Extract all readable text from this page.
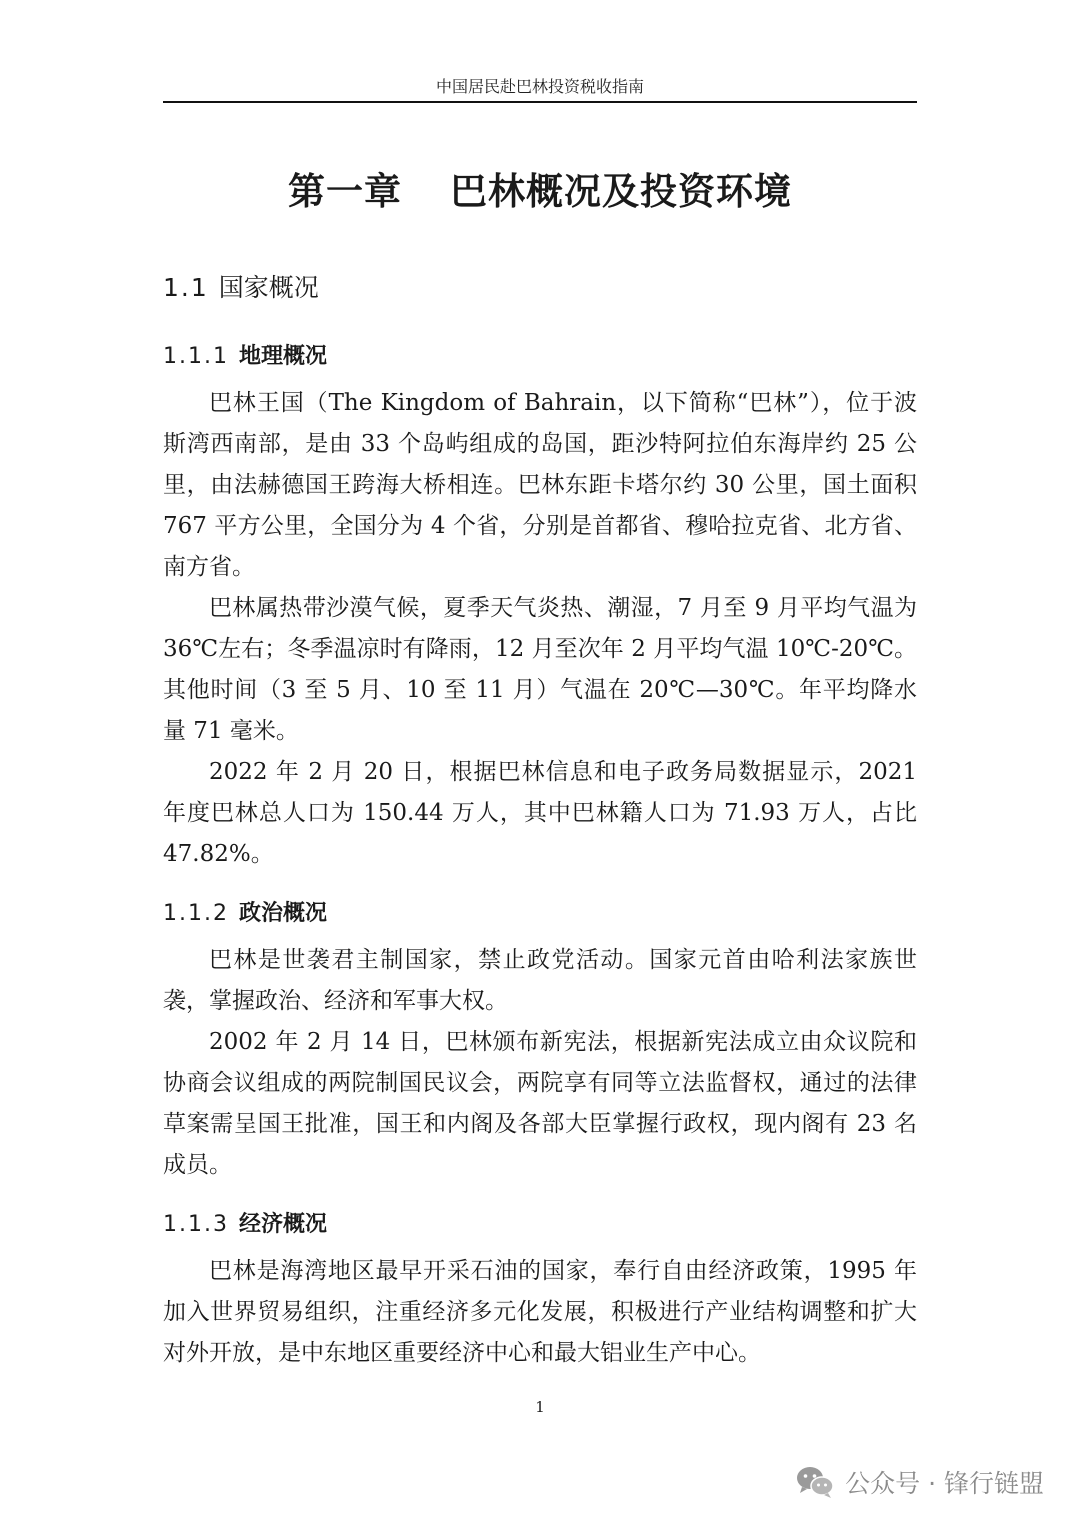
中国居民赴巴林投资税收指南
第一章 巴林概况及投资环境
1.1 国家概况
1.1.1 地理概况

巴林王国（The Kingdom of Bahrain，以下简称“巴林”），位于波斯湾西南部，是由 33 个岛屿组成的岛国，距沙特阿拉伯东海岸约 25 公里，由法赫德国王跨海大桥相连。巴林东距卡塔尔约 30 公里，国土面积 767 平方公里，全国分为 4 个省，分别是首都省、穆哈拉克省、北方省、南方省。

巴林属热带沙漠气候，夏季天气炎热、潮湿，7 月至 9 月平均气温为 36℃左右；冬季温凉时有降雨，12 月至次年 2 月平均气温 10℃-20℃。其他时间（3 至 5 月、10 至 11 月）气温在 20℃—30℃。年平均降水量 71 毫米。

2022 年 2 月 20 日，根据巴林信息和电子政务局数据显示，2021 年度巴林总人口为 150.44 万人，其中巴林籍人口为 71.93 万人，占比 47.82%。

1.1.2 政治概况

巴林是世袭君主制国家，禁止政党活动。国家元首由哈利法家族世袭，掌握政治、经济和军事大权。

2002 年 2 月 14 日，巴林颁布新宪法，根据新宪法成立由众议院和协商会议组成的两院制国民议会，两院享有同等立法监督权，通过的法律草案需呈国王批准，国王和内阁及各部大臣掌握行政权，现内阁有 23 名成员。

1.1.3 经济概况

巴林是海湾地区最早开采石油的国家，奉行自由经济政策，1995 年加入世界贸易组织，注重经济多元化发展，积极进行产业结构调整和扩大对外开放，是中东地区重要经济中心和最大铝业生产中心。

1
公众号 · 锋行链盟
